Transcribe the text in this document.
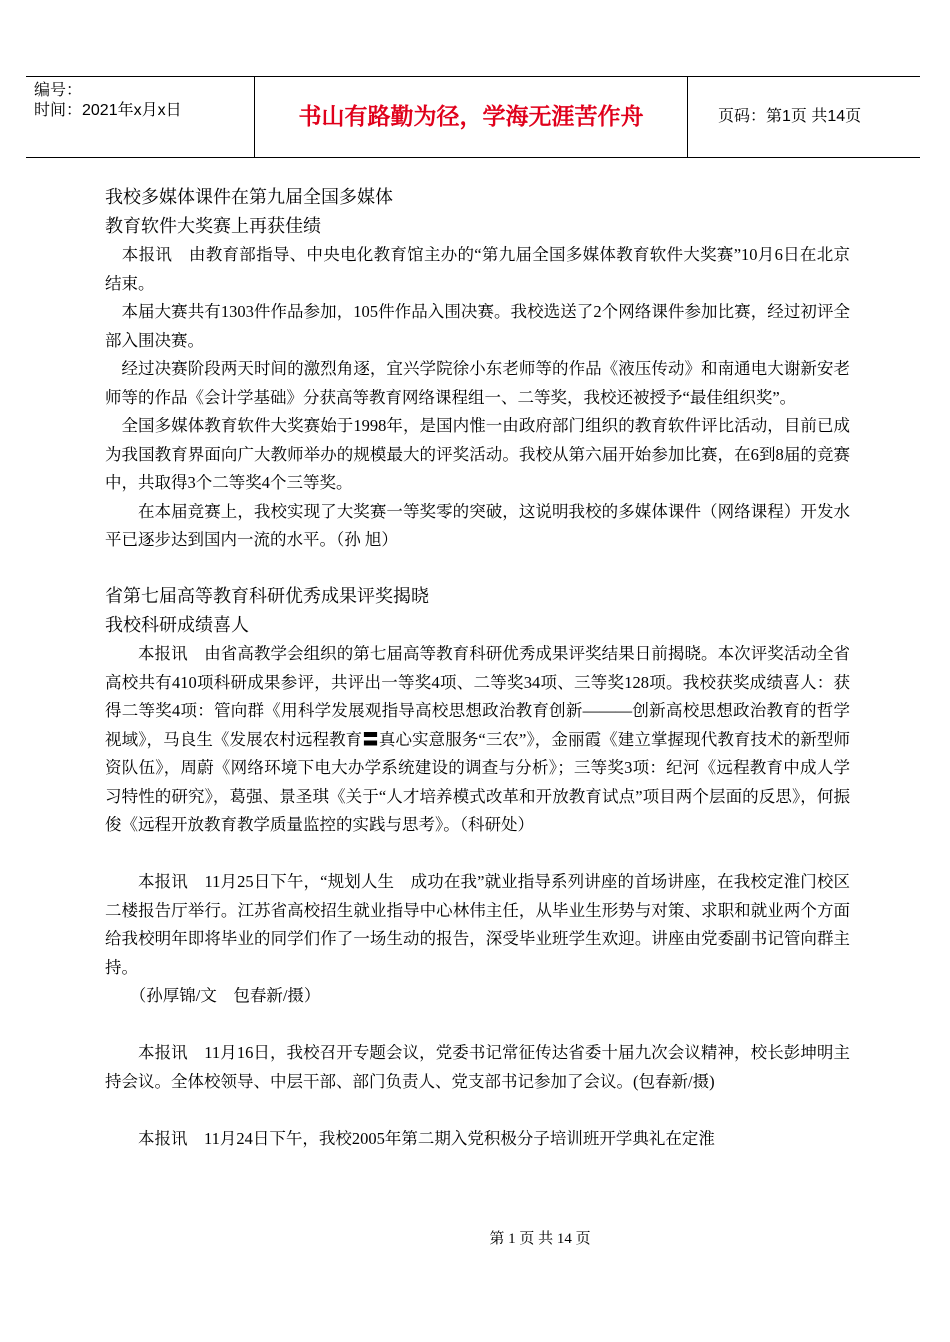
编号：
时间：2021年x月x日	书山有路勤为径，学海无涯苦作舟	页码：第1页 共14页
我校多媒体课件在第九届全国多媒体
教育软件大奖赛上再获佳绩

　本报讯　由教育部指导、中央电化教育馆主办的“第九届全国多媒体教育软件大奖赛”10月6日在北京结束。

本届大赛共有1303件作品参加，105件作品入围决赛。我校选送了2个网络课件参加比赛，经过初评全部入围决赛。

经过决赛阶段两天时间的激烈角逐，宜兴学院徐小东老师等的作品《液压传动》和南通电大谢新安老师等的作品《会计学基础》分获高等教育网络课程组一、二等奖，我校还被授予“最佳组织奖”。

全国多媒体教育软件大奖赛始于1998年，是国内惟一由政府部门组织的教育软件评比活动，目前已成为我国教育界面向广大教师举办的规模最大的评奖活动。我校从第六届开始参加比赛，在6到8届的竞赛中，共取得3个二等奖4个三等奖。

在本届竞赛上，我校实现了大奖赛一等奖零的突破，这说明我校的多媒体课件（网络课程）开发水平已逐步达到国内一流的水平。（孙 旭）

省第七届高等教育科研优秀成果评奖揭晓
我校科研成绩喜人

本报讯　由省高教学会组织的第七届高等教育科研优秀成果评奖结果日前揭晓。本次评奖活动全省高校共有410项科研成果参评，共评出一等奖4项、二等奖34项、三等奖128项。我校获奖成绩喜人：获得二等奖4项：管向群《用科学发展观指导高校思想政治教育创新———创新高校思想政治教育的哲学视域》，马良生《发展农村远程教育〓真心实意服务“三农”》，金丽霞《建立掌握现代教育技术的新型师资队伍》，周蔚《网络环境下电大办学系统建设的调查与分析》；三等奖3项：纪河《远程教育中成人学习特性的研究》，葛强、景圣琪《关于“人才培养模式改革和开放教育试点”项目两个层面的反思》，何振俊《远程开放教育教学质量监控的实践与思考》。（科研处）

本报讯　11月25日下午，“规划人生　成功在我”就业指导系列讲座的首场讲座，在我校定淮门校区二楼报告厅举行。江苏省高校招生就业指导中心林伟主任，从毕业生形势与对策、求职和就业两个方面给我校明年即将毕业的同学们作了一场生动的报告，深受毕业班学生欢迎。讲座由党委副书记管向群主持。

（孙厚锦/文　包春新/摄）

本报讯　11月16日，我校召开专题会议，党委书记常征传达省委十届九次会议精神，校长彭坤明主持会议。全体校领导、中层干部、部门负责人、党支部书记参加了会议。(包春新/摄)

本报讯　11月24日下午，我校2005年第二期入党积极分子培训班开学典礼在定淮

第 1 页 共 14 页
